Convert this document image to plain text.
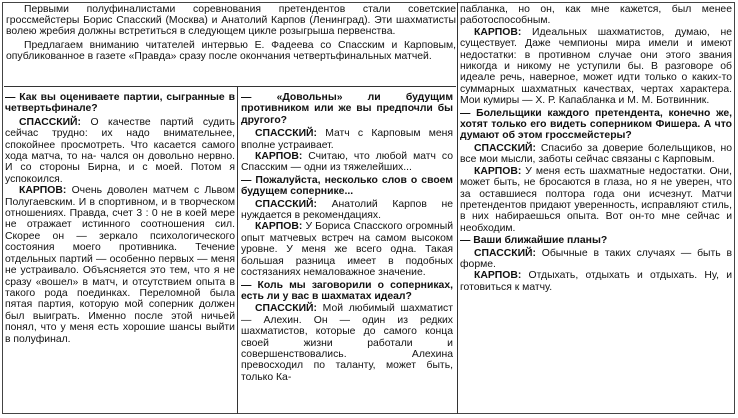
Первыми полуфиналистами соревнования претендентов стали советские гроссмейстеры Борис Спасский (Москва) и Анатолий Карпов (Ленинград). Эти шахматисты волею жребия должны встретиться в следующем цикле розыгрыша первенства.

Предлагаем вниманию читателей интервью Е. Фадеева со Спасским и Карповым, опубликованное в газете «Правда» сразу после окончания четвертьфинальных матчей.

— Как вы оцениваете партии, сыгранные в четвертьфинале?

СПАССКИЙ: О качестве партий судить сейчас трудно: их надо внимательнее, спокойнее просмотреть. Что касается самого хода матча, то на- чался он довольно нервно. И со стороны Бирна, и с моей. Потом я успокоился.

КАРПОВ: Очень доволен матчем с Львом Полугаевским. И в спортивном, и в творческом отношениях. Правда, счет 3 : 0 не в коей мере не отражает истинного соотношения сил. Скорее он — зеркало психологического состояния моего противника. Течение отдельных партий — особенно первых — меня не устраивало. Объясняется это тем, что я не сразу «вошел» в матч, и отсутствием опыта в такого рода поединках. Переломной была пятая партия, которую мой соперник должен был выиграть. Именно после этой ничьей понял, что у меня есть хорошие шансы выйти в полуфинал.

— «Довольны» ли будущим противником или же вы предпочли бы другого?

СПАССКИЙ: Матч с Карповым меня вполне устраивает.

КАРПОВ: Считаю, что любой матч со Спасским — одни из тяжелейших...

— Пожалуйста, несколько слов о своем будущем сопернике...

СПАССКИЙ: Анатолий Карпов не нуждается в рекомендациях.

КАРПОВ: У Бориса Спасского огромный опыт матчевых встреч на самом высоком уровне. У меня же всего одна. Такая большая разница имеет в подобных состязаниях немаловажное значение.

— Коль мы заговорили о соперниках, есть ли у вас в шахматах идеал?

СПАССКИЙ: Мой любимый шахматист — Алехин. Он — один из редких шахматистов, которые до самого конца своей жизни работали и совершенствовались. Алехина превосходил по таланту, может быть, только Ка-

пабланка, но он, как мне кажется, был менее работоспособным.

КАРПОВ: Идеальных шахматистов, думаю, не существует. Даже чемпионы мира имели и имеют недостатки: в противном случае они этого звания никогда и никому не уступили бы. В разговоре об идеале речь, наверное, может идти только о каких-то суммарных шахматных качествах, чертах характера. Мои кумиры — Х. Р. Капабланка и М. М. Ботвинник.

— Болельщики каждого претендента, конечно же, хотят только его видеть соперником Фишера. А что думают об этом гроссмейстеры?

СПАССКИЙ: Спасибо за доверие болельщиков, но все мои мысли, заботы сейчас связаны с Карповым.

КАРПОВ: У меня есть шахматные недостатки. Они, может быть, не бросаются в глаза, но я не уверен, что за оставшиеся полтора года они исчезнут. Матчи претендентов придают уверенность, исправляют стиль, в них набираешься опыта. Вот он-то мне сейчас и необходим.

— Ваши ближайшие планы?

СПАССКИЙ: Обычные в таких случаях — быть в форме.

КАРПОВ: Отдыхать, отдыхать и отдыхать. Ну, и готовиться к матчу.
